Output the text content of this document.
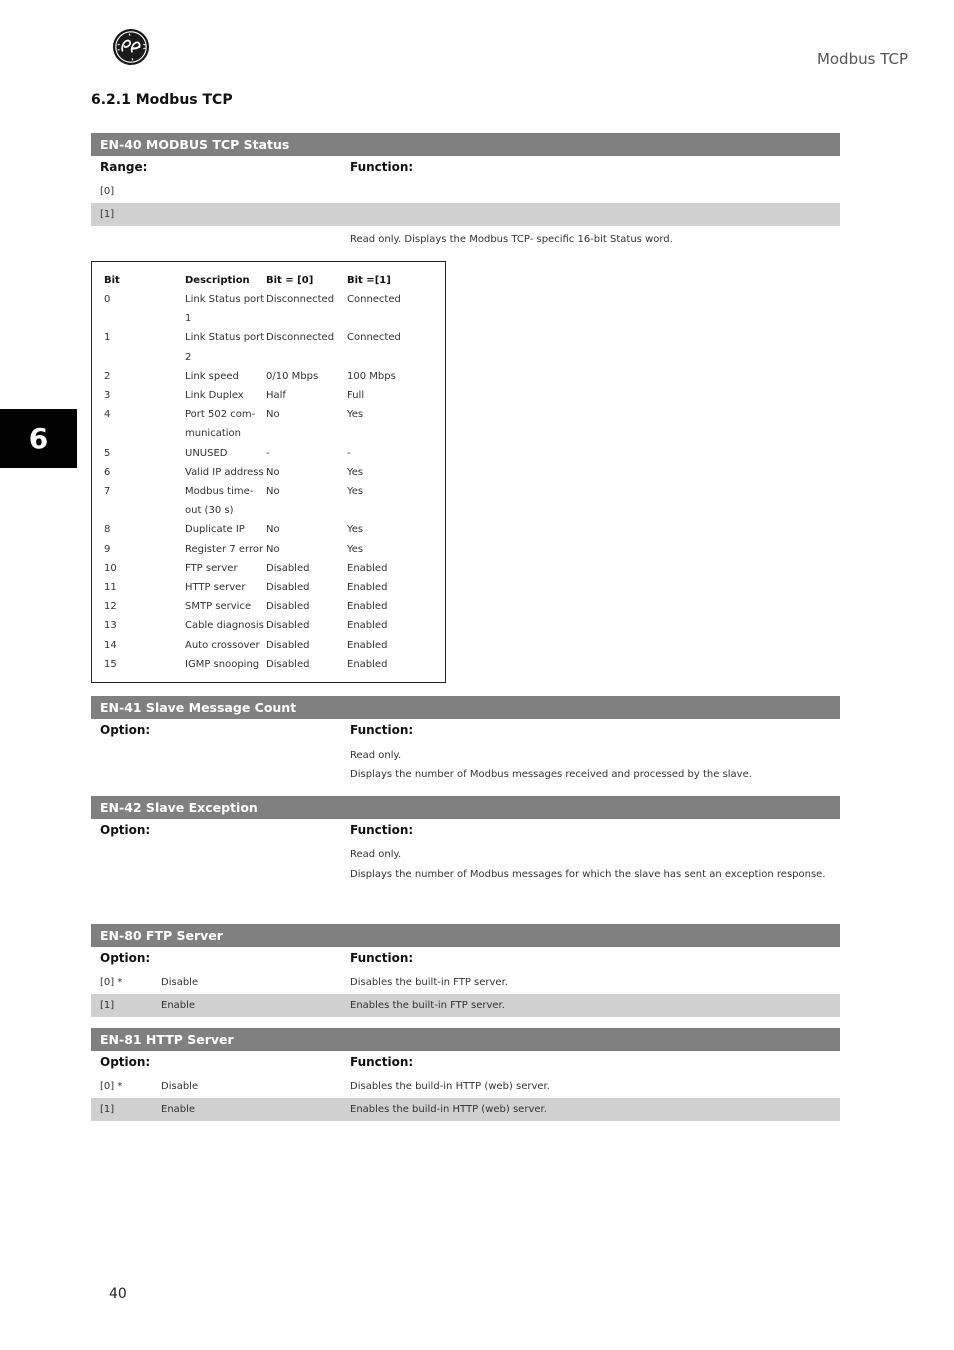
Modbus TCP
6
6.2.1 Modbus TCP
EN-40 MODBUS TCP Status
Range:	Function:
[0]
[1]
Read only. Displays the Modbus TCP- specific 16-bit Status word.
Bit	Description	Bit = [0]	Bit =[1]
0	Link Status port 1	Disconnected	Connected
1	Link Status port 2	Disconnected	Connected
2	Link speed	0/10 Mbps	100 Mbps
3	Link Duplex	Half	Full
4	Port 502 com-munication	No	Yes
5	UNUSED	-	-
6	Valid IP address	No	Yes
7	Modbus time-out (30 s)	No	Yes
8	Duplicate IP	No	Yes
9	Register 7 error	No	Yes
10	FTP server	Disabled	Enabled
11	HTTP server	Disabled	Enabled
12	SMTP service	Disabled	Enabled
13	Cable diagnosis	Disabled	Enabled
14	Auto crossover	Disabled	Enabled
15	IGMP snooping	Disabled	Enabled
EN-41 Slave Message Count
Option:	Function:
Read only.
Displays the number of Modbus messages received and processed by the slave.
EN-42 Slave Exception
Option:	Function:
Read only.
Displays the number of Modbus messages for which the slave has sent an exception response.
EN-80 FTP Server
Option:	Function:
[0] *	Disable	Disables the built-in FTP server.
[1]	Enable	Enables the built-in FTP server.
EN-81 HTTP Server
Option:	Function:
[0] *	Disable	Disables the build-in HTTP (web) server.
[1]	Enable	Enables the build-in HTTP (web) server.
40
